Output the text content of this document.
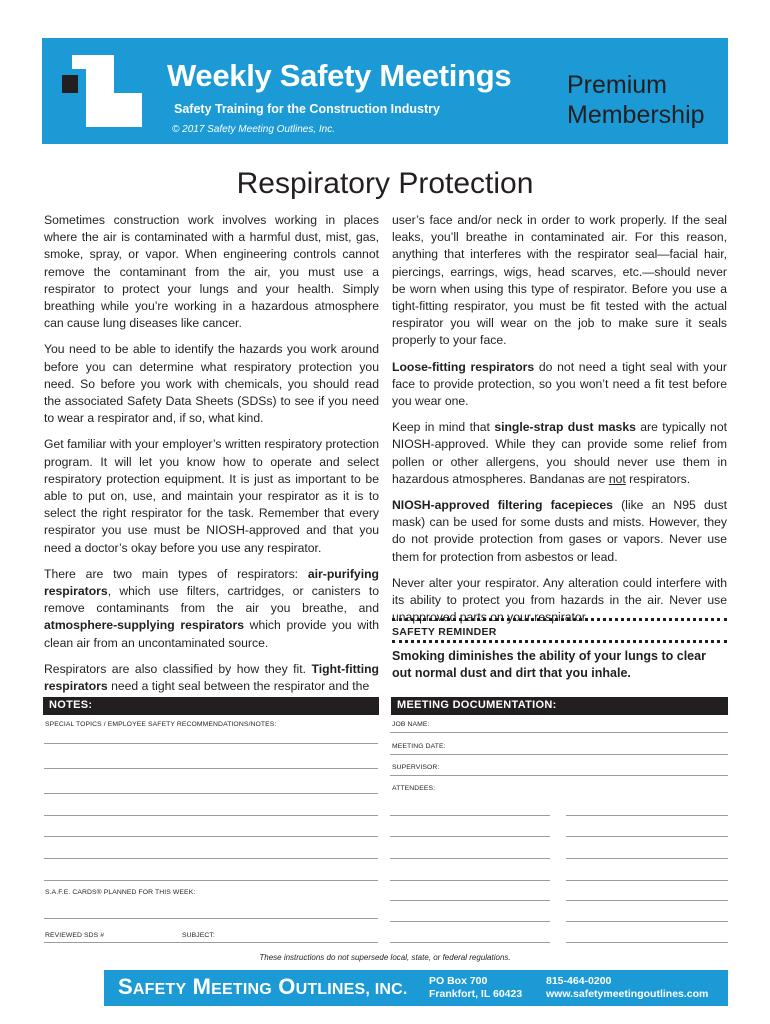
Weekly Safety Meetings
Safety Training for the Construction Industry
© 2017 Safety Meeting Outlines, Inc.
Premium
Membership
Respiratory Protection

Sometimes construction work involves working in places where the air is contaminated with a harmful dust, mist, gas, smoke, spray, or vapor. When engineering controls cannot remove the contaminant from the air, you must use a respirator to protect your lungs and your health. Simply breathing while you’re working in a hazardous atmosphere can cause lung diseases like cancer.

You need to be able to identify the hazards you work around before you can determine what respiratory protection you need. So before you work with chemicals, you should read the associated Safety Data Sheets (SDSs) to see if you need to wear a respirator and, if so, what kind.

Get familiar with your employer’s written respiratory protection program. It will let you know how to operate and select respiratory protection equipment. It is just as important to be able to put on, use, and maintain your respirator as it is to select the right respirator for the task. Remember that every respirator you use must be NIOSH-approved and that you need a doctor’s okay before you use any respirator.

There are two main types of respirators: air-purifying respirators, which use filters, cartridges, or canisters to remove contaminants from the air you breathe, and atmosphere-supplying respirators which provide you with clean air from an uncontaminated source.

Respirators are also classified by how they fit. Tight-fitting respirators need a tight seal between the respirator and the

user’s face and/or neck in order to work properly. If the seal leaks, you’ll breathe in contaminated air. For this reason, anything that interferes with the respirator seal—facial hair, piercings, earrings, wigs, head scarves, etc.—should never be worn when using this type of respirator. Before you use a tight-fitting respirator, you must be fit tested with the actual respirator you will wear on the job to make sure it seals properly to your face.

Loose-fitting respirators do not need a tight seal with your face to provide protection, so you won’t need a fit test before you wear one.

Keep in mind that single-strap dust masks are typically not NIOSH-approved. While they can provide some relief from pollen or other allergens, you should never use them in hazardous atmospheres. Bandanas are not respirators.

NIOSH-approved filtering facepieces (like an N95 dust mask) can be used for some dusts and mists. However, they do not provide protection from gases or vapors. Never use them for protection from asbestos or lead.

Never alter your respirator. Any alteration could interfere with its ability to protect you from hazards in the air. Never use unapproved parts on your respirator.

SAFETY REMINDER
Smoking diminishes the ability of your lungs to clear out normal dust and dirt that you inhale.
NOTES:
SPECIAL TOPICS / EMPLOYEE SAFETY RECOMMENDATIONS/NOTES:
S.A.F.E. CARDS® PLANNED FOR THIS WEEK:
REVIEWED SDS #	SUBJECT:
MEETING DOCUMENTATION:
JOB NAME:
MEETING DATE:
SUPERVISOR:
ATTENDEES:
These instructions do not supersede local, state, or federal regulations.
SAFETY MEETING OUTLINES, INC. PO Box 700
Frankfort, IL 60423
815-464-0200
www.safetymeetingoutlines.com
